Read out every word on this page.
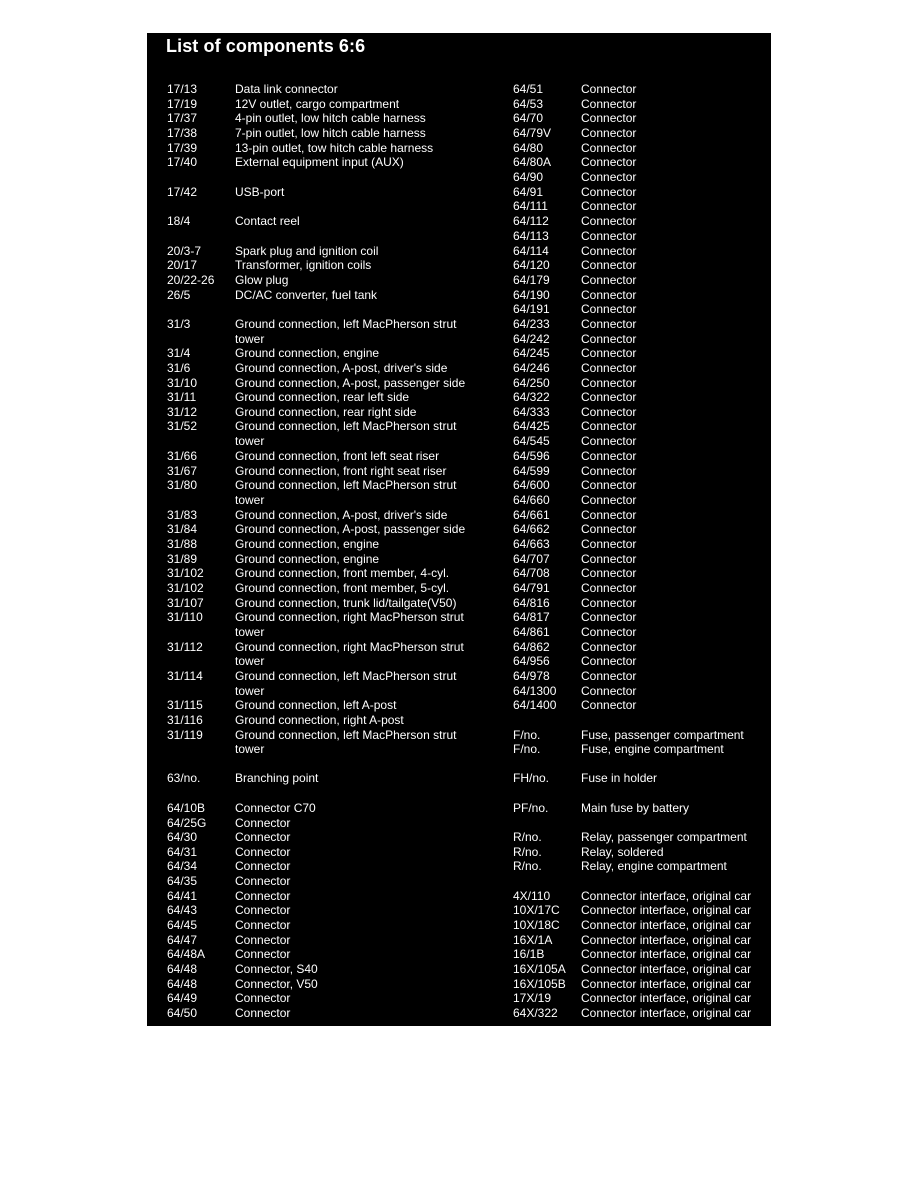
List of components 6:6
17/13	Data link connector
17/19	12V outlet, cargo compartment
17/37	4-pin outlet, low hitch cable harness
17/38	7-pin outlet, low hitch cable harness
17/39	13-pin outlet, tow hitch cable harness
17/40	External equipment input (AUX)
17/42	USB-port
18/4	Contact reel
20/3-7	Spark plug and ignition coil
20/17	Transformer, ignition coils
20/22-26 Glow plug
26/5	DC/AC converter, fuel tank
31/3	Ground connection, left MacPherson strut
tower
31/4	Ground connection, engine
31/6	Ground connection, A-post, driver's side
31/10	Ground connection, A-post, passenger side
31/11	Ground connection, rear left side
31/12	Ground connection, rear right side
31/52	Ground connection, left MacPherson strut
tower
31/66	Ground connection, front left seat riser
31/67	Ground connection, front right seat riser
31/80	Ground connection, left MacPherson strut
tower
31/83	Ground connection, A-post, driver's side
31/84	Ground connection, A-post, passenger side
31/88	Ground connection, engine
31/89	Ground connection, engine
31/102	Ground connection, front member, 4-cyl.
31/102	Ground connection, front member, 5-cyl.
31/107	Ground connection, trunk lid/tailgate(V50)
31/110	Ground connection, right MacPherson strut
tower
31/112	Ground connection, right MacPherson strut
tower
31/114	Ground connection, left MacPherson strut
tower
31/115	Ground connection, left A-post
31/116	Ground connection, right A-post
31/119	Ground connection, left MacPherson strut
tower
63/no.	Branching point
64/10B Connector C70
64/25G Connector
64/30	Connector
64/31	Connector
64/34	Connector
64/35	Connector
64/41	Connector
64/43	Connector
64/45	Connector
64/47	Connector
64/48A Connector
64/48	Connector, S40
64/48	Connector, V50
64/49	Connector
64/50	Connector
64/51	Connector
64/53	Connector
64/70	Connector
64/79V Connector
64/80	Connector
64/80A Connector
64/90	Connector
64/91	Connector
64/111	Connector
64/112	Connector
64/113	Connector
64/114	Connector
64/120	Connector
64/179	Connector
64/190	Connector
64/191	Connector
64/233	Connector
64/242	Connector
64/245	Connector
64/246	Connector
64/250	Connector
64/322	Connector
64/333	Connector
64/425	Connector
64/545	Connector
64/596	Connector
64/599	Connector
64/600	Connector
64/660	Connector
64/661	Connector
64/662	Connector
64/663	Connector
64/707	Connector
64/708	Connector
64/791	Connector
64/816	Connector
64/817	Connector
64/861	Connector
64/862	Connector
64/956	Connector
64/978	Connector
64/1300 Connector
64/1400 Connector
F/no.	Fuse, passenger compartment
F/no.	Fuse, engine compartment
FH/no.	Fuse in holder
PF/no.	Main fuse by battery
R/no.	Relay, passenger compartment
R/no.	Relay, soldered
R/no.	Relay, engine compartment
4X/110	Connector interface, original car
10X/17C Connector interface, original car
10X/18C Connector interface, original car
16X/1A Connector interface, original car
16/1B	Connector interface, original car
16X/105A Connector interface, original car
16X/105B Connector interface, original car
17X/19 Connector interface, original car
64X/322 Connector interface, original car
